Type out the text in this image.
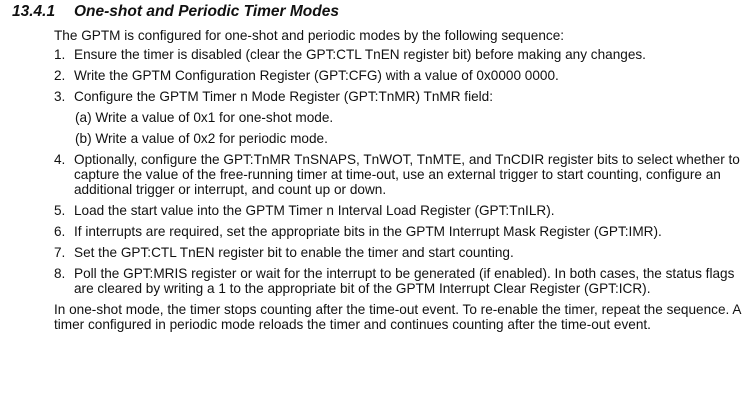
13.4.1 One-shot and Periodic Timer Modes

The GPTM is configured for one-shot and periodic modes by the following sequence:

1. Ensure the timer is disabled (clear the GPT:CTL TnEN register bit) before making any changes.
2. Write the GPTM Configuration Register (GPT:CFG) with a value of 0x0000 0000.
3. Configure the GPTM Timer n Mode Register (GPT:TnMR) TnMR field:
(a) Write a value of 0x1 for one-shot mode.
(b) Write a value of 0x2 for periodic mode.
4. Optionally, configure the GPT:TnMR TnSNAPS, TnWOT, TnMTE, and TnCDIR register bits to select whether to capture the value of the free-running timer at time-out, use an external trigger to start counting, configure an additional trigger or interrupt, and count up or down.
5. Load the start value into the GPTM Timer n Interval Load Register (GPT:TnILR).
6. If interrupts are required, set the appropriate bits in the GPTM Interrupt Mask Register (GPT:IMR).
7. Set the GPT:CTL TnEN register bit to enable the timer and start counting.
8. Poll the GPT:MRIS register or wait for the interrupt to be generated (if enabled). In both cases, the status flags are cleared by writing a 1 to the appropriate bit of the GPTM Interrupt Clear Register (GPT:ICR).

In one-shot mode, the timer stops counting after the time-out event. To re-enable the timer, repeat the sequence. A timer configured in periodic mode reloads the timer and continues counting after the time-out event.
